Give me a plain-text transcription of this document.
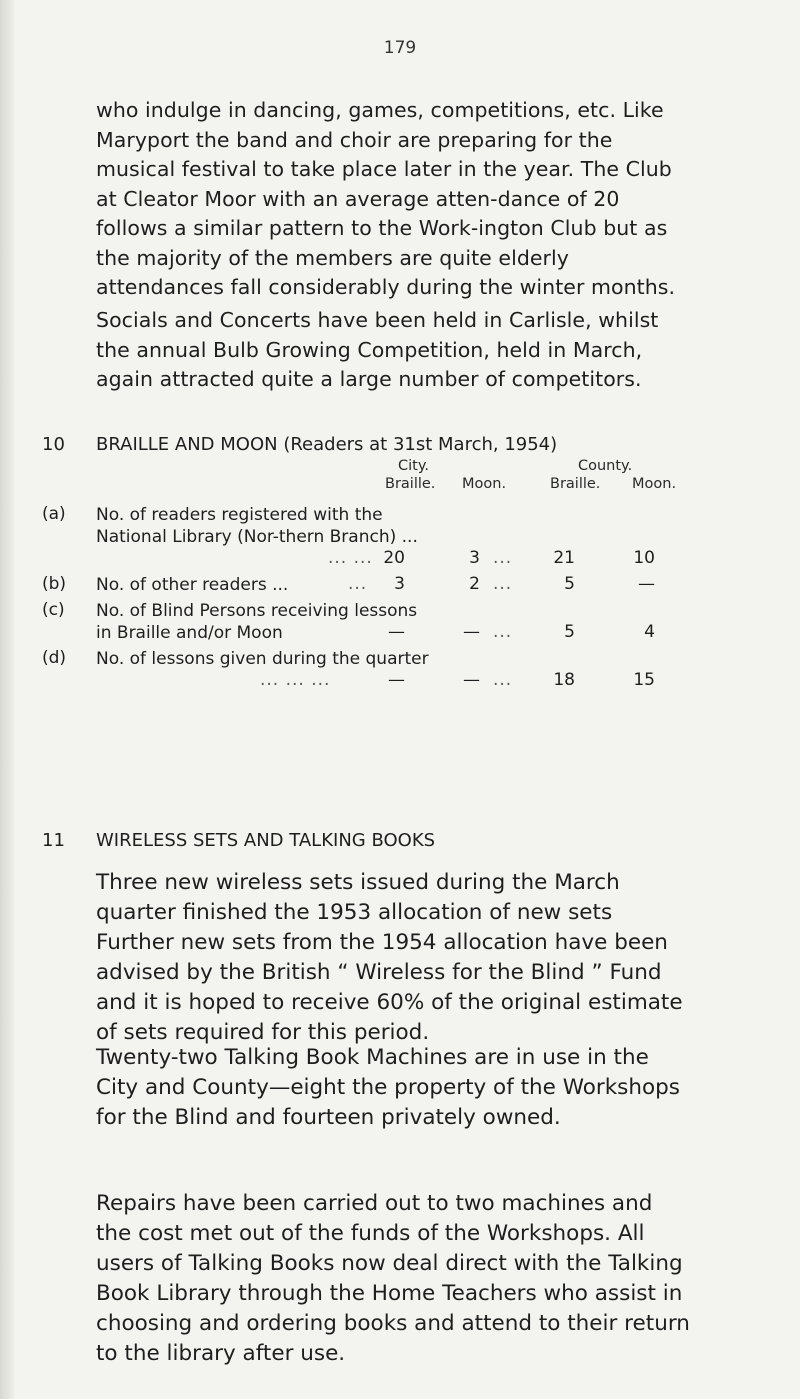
179

who indulge in dancing, games, competitions, etc. Like Maryport the band and choir are preparing for the musical festival to take place later in the year. The Club at Cleator Moor with an average atten-dance of 20 follows a similar pattern to the Work-ington Club but as the majority of the members are quite elderly attendances fall considerably during the winter months.

Socials and Concerts have been held in Carlisle, whilst the annual Bulb Growing Competition, held in March, again attracted quite a large number of competitors.

10 BRAILLE AND MOON (Readers at 31st March, 1954)
City.	County.
Braille. Moon.	Braille. Moon.
(a) No. of readers registered with the National Library (Nor-thern Branch) ...
... ... 20	3 ...	21	10
(b) No. of other readers ...	...	3	2 ...	5	—
(c) No. of Blind Persons receiving lessons in Braille and/or Moon	—	— ...	5	4
(d) No. of lessons given during the quarter
... ... ...	—	— ...	18	15
11 WIRELESS SETS AND TALKING BOOKS

Three new wireless sets issued during the March quarter finished the 1953 allocation of new sets Further new sets from the 1954 allocation have been advised by the British “ Wireless for the Blind ” Fund and it is hoped to receive 60% of the original estimate of sets required for this period.

Twenty-two Talking Book Machines are in use in the City and County—eight the property of the Workshops for the Blind and fourteen privately owned.

Repairs have been carried out to two machines and the cost met out of the funds of the Workshops. All users of Talking Books now deal direct with the Talking Book Library through the Home Teachers who assist in choosing and ordering books and attend to their return to the library after use.
